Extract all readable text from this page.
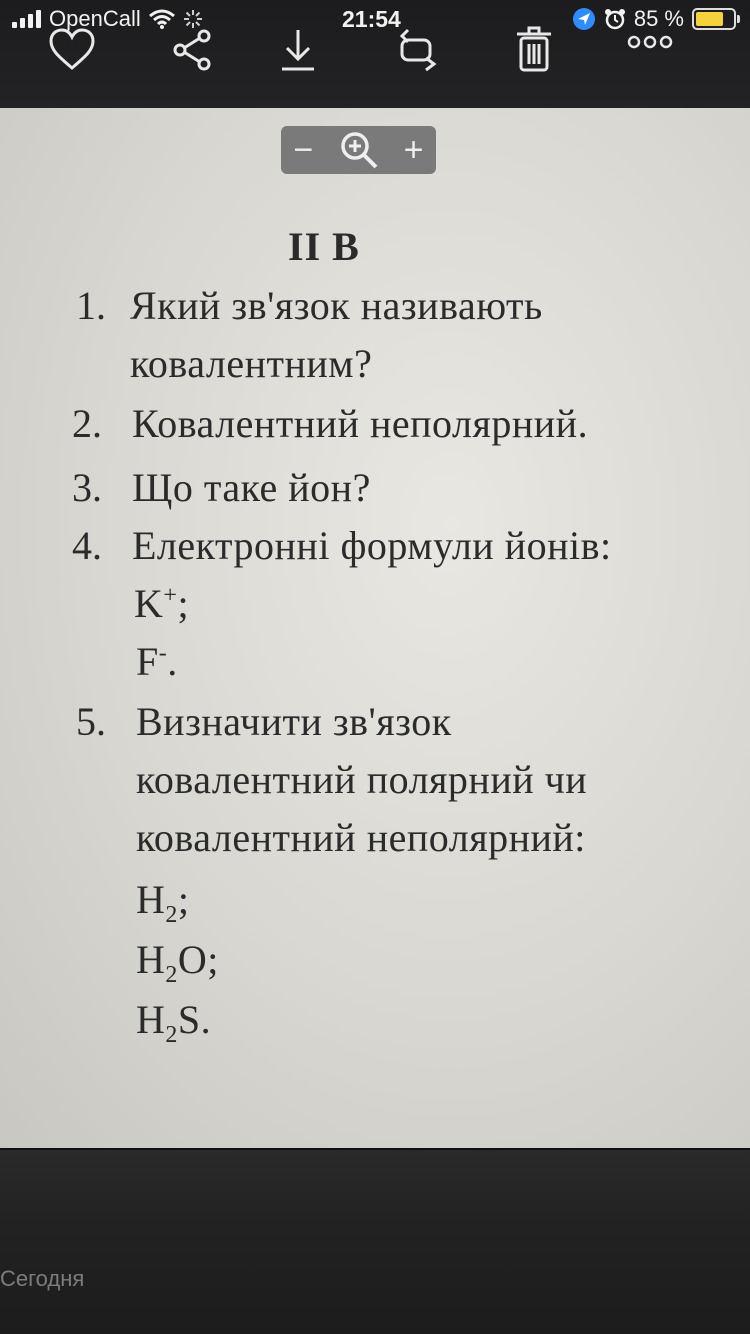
OpenCall	21:54	85 %
−	+
II B
1. Який зв'язок називають
ковалентним?
2. Ковалентний неполярний.
3. Що таке йон?
4. Електронні формули йонів:
K+;
F-.
5. Визначити зв'язок
ковалентний полярний чи
ковалентний неполярний:
$H_2$;
$H_2O$;
$H_2S$.
Сегодня
